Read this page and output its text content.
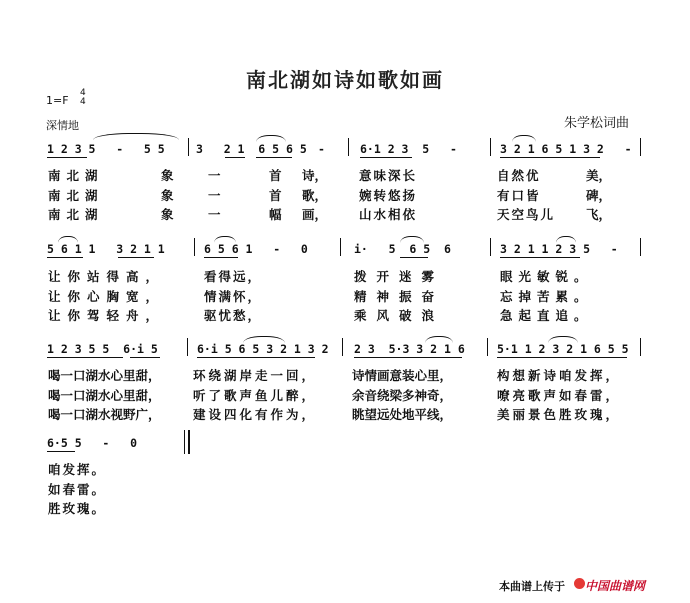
南北湖如诗如歌如画
1=F
4
4
深情地	朱学松词曲
1 2 3 5   -   5 5	3   2 1  6 5 6 5 -	6·1 2 3  5   -	3 2 1 6 5 1 3 2   -
南北湖	象	一	首 诗，	意味深长	自然优	美，
南北湖	象	一	首 歌，	婉转悠扬	有口皆	碑，
南北湖	象	一	幅 画，	山水相依	天空鸟儿 飞，
5 6 1 1   3 2 1 1	6 5 6 1   -   0	i·   5  6 5  6	3 2 1 1 2 3 5   -
让你站得高，	看得远，	拨开迷雾	眼光敏锐。
让你心胸宽，	情满怀，	精神振奋	忘掉苦累。
让你驾轻舟，	驱忧愁，	乘风破浪	急起直追。
1 2 3 5 5  6·i 5	6·i 5 6 5 3 2 1 3 2 2 3  5·3 3 2 1 6	5·1 1 2 3 2 1 6 5 5
喝一口湖水心里甜，	环绕湖岸走一回，	诗情画意装心里，	构想新诗咱发挥，
喝一口湖水心里甜，	听了歌声鱼儿醉，	余音绕梁多神奇，	嘹亮歌声如春雷，
喝一口湖水视野广，	建设四化有作为，	眺望远处地平线，	美丽景色胜玫瑰，
6·5 5   -   0
咱发挥。
如春雷。
胜玫瑰。
本曲谱上传于 中国曲谱网
